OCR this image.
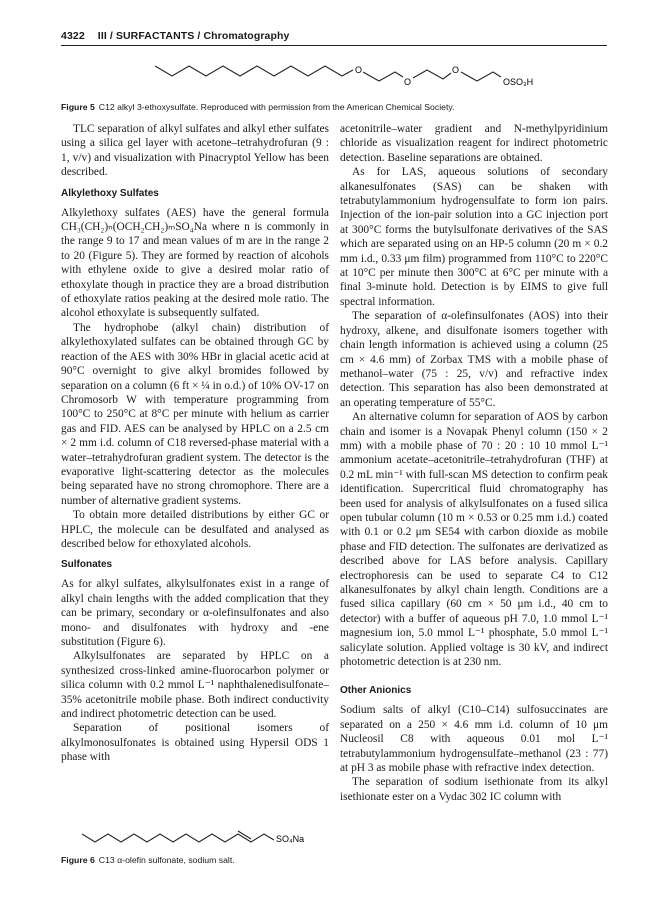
4322 III / SURFACTANTS / Chromatography
O
O
O
OSO₃H
Figure 5 C12 alkyl 3-ethoxysulfate. Reproduced with permission from the American Chemical Society.

TLC separation of alkyl sulfates and alkyl ether sulfates using a silica gel layer with acetone–tetrahydrofuran (9 : 1, v/v) and visualization with Pinacryptol Yellow has been described.

Alkylethoxy Sulfates

Alkylethoxy sulfates (AES) have the general formula CH₃(CH₂)ₙ(OCH₂CH₂)ₘSO₄Na where n is commonly in the range 9 to 17 and mean values of m are in the range 2 to 20 (Figure 5). They are formed by reaction of alcohols with ethylene oxide to give a desired molar ratio of ethoxylate though in practice they are a broad distribution of ethoxylate ratios peaking at the desired mole ratio. The alcohol ethoxylate is subsequently sulfated.

The hydrophobe (alkyl chain) distribution of alkylethoxylated sulfates can be obtained through GC by reaction of the AES with 30% HBr in glacial acetic acid at 90°C overnight to give alkyl bromides followed by separation on a column (6 ft × ¼ in o.d.) of 10% OV-17 on Chromosorb W with temperature programming from 100°C to 250°C at 8°C per minute with helium as carrier gas and FID. AES can be analysed by HPLC on a 2.5 cm × 2 mm i.d. column of C18 reversed-phase material with a water–tetrahydrofuran gradient system. The detector is the evaporative light-scattering detector as the molecules being separated have no strong chromophore. There are a number of alternative gradient systems.

To obtain more detailed distributions by either GC or HPLC, the molecule can be desulfated and analysed as described below for ethoxylated alcohols.

Sulfonates

As for alkyl sulfates, alkylsulfonates exist in a range of alkyl chain lengths with the added complication that they can be primary, secondary or α-olefinsulfonates and also mono- and disulfonates with hydroxy and -ene substitution (Figure 6).

Alkylsulfonates are separated by HPLC on a synthesized cross-linked amine-fluorocarbon polymer or silica column with 0.2 mmol L⁻¹ naphthalenedisulfonate–35% acetonitrile mobile phase. Both indirect conductivity and indirect photometric detection can be used.

Separation of positional isomers of alkylmonosulfonates is obtained using Hypersil ODS 1 phase with

SO₄Na
Figure 6 C13 α-olefin sulfonate, sodium salt.

acetonitrile–water gradient and N-methylpyridinium chloride as visualization reagent for indirect photometric detection. Baseline separations are obtained.

As for LAS, aqueous solutions of secondary alkanesulfonates (SAS) can be shaken with tetrabutylammonium hydrogensulfate to form ion pairs. Injection of the ion-pair solution into a GC injection port at 300°C forms the butylsulfonate derivatives of the SAS which are separated using on an HP-5 column (20 m × 0.2 mm i.d., 0.33 μm film) programmed from 110°C to 220°C at 10°C per minute then 300°C at 6°C per minute with a final 3-minute hold. Detection is by EIMS to give full spectral information.

The separation of α-olefinsulfonates (AOS) into their hydroxy, alkene, and disulfonate isomers together with chain length information is achieved using a column (25 cm × 4.6 mm) of Zorbax TMS with a mobile phase of methanol–water (75 : 25, v/v) and refractive index detection. This separation has also been demonstrated at an operating temperature of 55°C.

An alternative column for separation of AOS by carbon chain and isomer is a Novapak Phenyl column (150 × 2 mm) with a mobile phase of 70 : 20 : 10 10 mmol L⁻¹ ammonium acetate–acetonitrile–tetrahydrofuran (THF) at 0.2 mL min⁻¹ with full-scan MS detection to confirm peak identification. Supercritical fluid chromatography has been used for analysis of alkylsulfonates on a fused silica open tubular column (10 m × 0.53 or 0.25 mm i.d.) coated with 0.1 or 0.2 μm SE54 with carbon dioxide as mobile phase and FID detection. The sulfonates are derivatized as described above for LAS before analysis. Capillary electrophoresis can be used to separate C4 to C12 alkanesulfonates by alkyl chain length. Conditions are a fused silica capillary (60 cm × 50 μm i.d., 40 cm to detector) with a buffer of aqueous pH 7.0, 1.0 mmol L⁻¹ magnesium ion, 5.0 mmol L⁻¹ phosphate, 5.0 mmol L⁻¹ salicylate solution. Applied voltage is 30 kV, and indirect photometric detection is at 230 nm.

Other Anionics

Sodium salts of alkyl (C10–C14) sulfosuccinates are separated on a 250 × 4.6 mm i.d. column of 10 μm Nucleosil C8 with aqueous 0.01 mol L⁻¹ tetrabutylammonium hydrogensulfate–methanol (23 : 77) at pH 3 as mobile phase with refractive index detection.

The separation of sodium isethionate from its alkyl isethionate ester on a Vydac 302 IC column with
